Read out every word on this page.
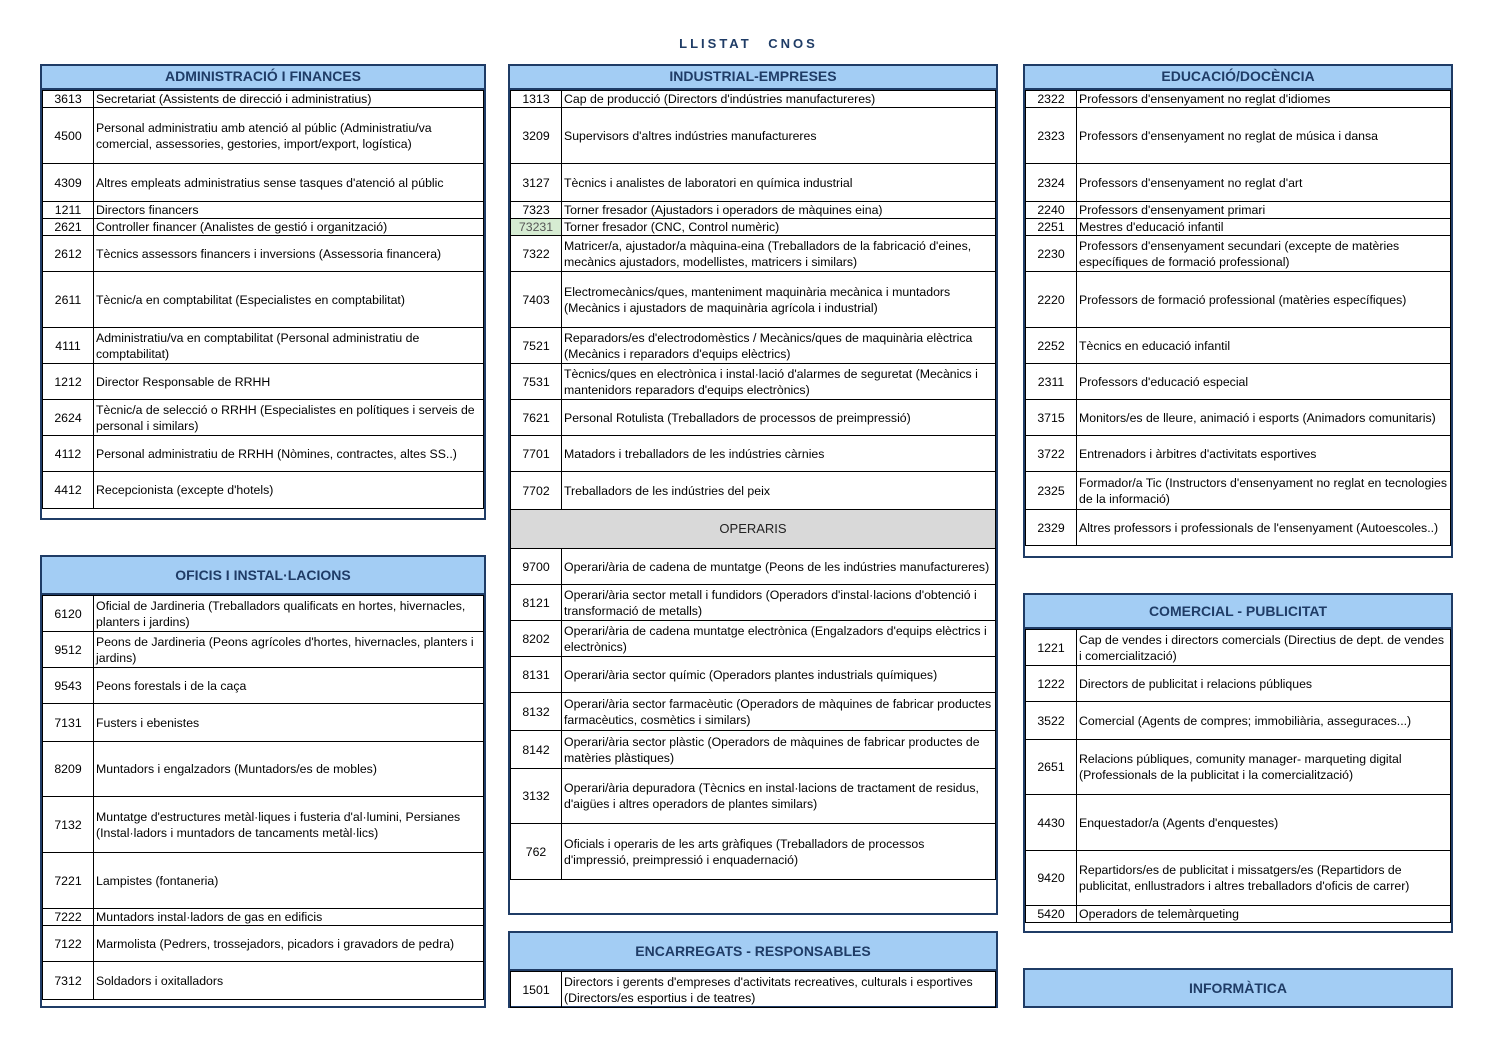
LLISTAT CNOS
ADMINISTRACIÓ I FINANCES
3613	Secretariat (Assistents de direcció i administratius)
4500	Personal administratiu amb atenció al públic (Administratiu/va comercial, assessories, gestories, import/export, logística)
4309	Altres empleats administratius sense tasques d'atenció al públic
1211	Directors financers
2621	Controller financer (Analistes de gestió i organització)
2612	Tècnics assessors financers i inversions (Assessoria financera)
2611	Tècnic/a en comptabilitat (Especialistes en comptabilitat)
4111	Administratiu/va en comptabilitat (Personal administratiu de comptabilitat)
1212	Director Responsable de RRHH
2624	Tècnic/a de selecció o RRHH (Especialistes en polítiques i serveis de personal i similars)
4112	Personal administratiu de RRHH (Nòmines, contractes, altes SS..)
4412	Recepcionista (excepte d'hotels)
OFICIS I INSTAL·LACIONS
6120	Oficial de Jardineria (Treballadors qualificats en hortes, hivernacles, planters i jardins)
9512	Peons de Jardineria (Peons agrícoles d'hortes, hivernacles, planters i jardins)
9543	Peons forestals i de la caça
7131	Fusters i ebenistes
8209	Muntadors i engalzadors (Muntadors/es de mobles)
7132	Muntatge d'estructures metàl·liques i fusteria d'al·lumini, Persianes (Instal·ladors i muntadors de tancaments metàl·lics)
7221	Lampistes (fontaneria)
7222	Muntadors instal·ladors de gas en edificis
7122	Marmolista (Pedrers, trossejadors, picadors i gravadors de pedra)
7312	Soldadors i oxitalladors
INDUSTRIAL-EMPRESES
1313	Cap de producció (Directors d'indústries manufactureres)
3209	Supervisors d'altres indústries manufactureres
3127	Tècnics i analistes de laboratori en química industrial
7323	Torner fresador (Ajustadors i operadors de màquines eina)
73231	Torner fresador (CNC, Control numèric)
7322	Matricer/a, ajustador/a màquina-eina (Treballadors de la fabricació d'eines, mecànics ajustadors, modellistes, matricers i similars)
7403	Electromecànics/ques, manteniment maquinària mecànica i muntadors (Mecànics i ajustadors de maquinària agrícola i industrial)
7521	Reparadors/es d'electrodomèstics / Mecànics/ques de maquinària elèctrica (Mecànics i reparadors d'equips elèctrics)
7531	Tècnics/ques en electrònica i instal·lació d'alarmes de seguretat (Mecànics i mantenidors reparadors d'equips electrònics)
7621	Personal Rotulista (Treballadors de processos de preimpressió)
7701	Matadors i treballadors de les indústries càrnies
7702	Treballadors de les indústries del peix
OPERARIS
9700	Operari/ària de cadena de muntatge (Peons de les indústries manufactureres)
8121	Operari/ària sector metall i fundidors (Operadors d'instal·lacions d'obtenció i transformació de metalls)
8202	Operari/ària de cadena muntatge electrònica (Engalzadors d'equips elèctrics i electrònics)
8131	Operari/ària sector químic (Operadors plantes industrials químiques)
8132	Operari/ària sector farmacèutic (Operadors de màquines de fabricar productes farmacèutics, cosmètics i similars)
8142	Operari/ària sector plàstic (Operadors de màquines de fabricar productes de matèries plàstiques)
3132	Operari/ària depuradora (Tècnics en instal·lacions de tractament de residus, d'aigües i altres operadors de plantes similars)
762	Oficials i operaris de les arts gràfiques (Treballadors de processos d'impressió, preimpressió i enquadernació)
ENCARREGATS - RESPONSABLES
1501	Directors i gerents d'empreses d'activitats recreatives, culturals i esportives (Directors/es esportius i de teatres)
EDUCACIÓ/DOCÈNCIA
2322	Professors d'ensenyament no reglat d'idiomes
2323	Professors d'ensenyament no reglat de música i dansa
2324	Professors d'ensenyament no reglat d'art
2240	Professors d'ensenyament primari
2251	Mestres d'educació infantil
2230	Professors d'ensenyament secundari (excepte de matèries específiques de formació professional)
2220	Professors de formació professional (matèries específiques)
2252	Tècnics en educació infantil
2311	Professors d'educació especial
3715	Monitors/es de lleure, animació i esports (Animadors comunitaris)
3722	Entrenadors i àrbitres d'activitats esportives
2325	Formador/a Tic (Instructors d'ensenyament no reglat en tecnologies de la informació)
2329	Altres professors i professionals de l'ensenyament (Autoescoles..)
COMERCIAL - PUBLICITAT
1221	Cap de vendes i directors comercials (Directius de dept. de vendes i comercialització)
1222	Directors de publicitat i relacions públiques
3522	Comercial (Agents de compres; immobiliària, asseguraces...)
2651	Relacions públiques, comunity manager- marqueting digital (Professionals de la publicitat i la comercialització)
4430	Enquestador/a (Agents d'enquestes)
9420	Repartidors/es de publicitat i missatgers/es (Repartidors de publicitat, enllustradors i altres treballadors d'oficis de carrer)
5420	Operadors de telemàrqueting
INFORMÀTICA
